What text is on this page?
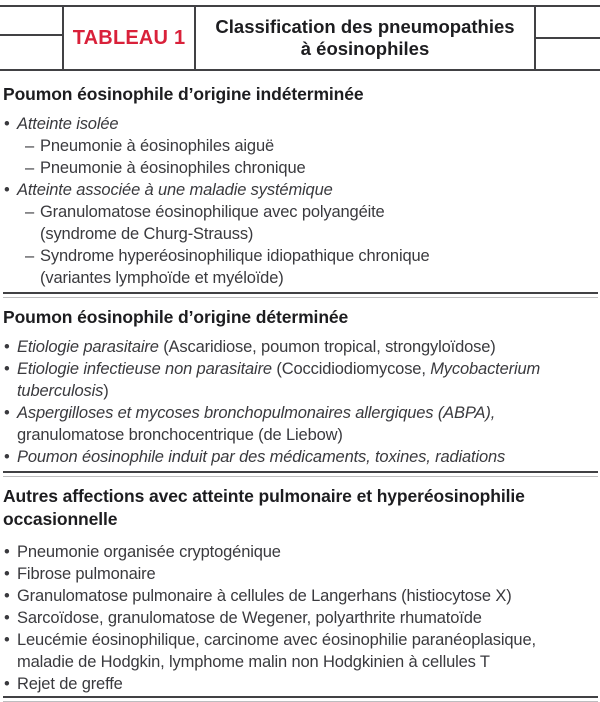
TABLEAU 1	Classification des pneumopathies
à éosinophiles
Poumon éosinophile d’origine indéterminée
• Atteinte isolée
– Pneumonie à éosinophiles aiguë
– Pneumonie à éosinophiles chronique
• Atteinte associée à une maladie systémique
– Granulomatose éosinophilique avec polyangéite
(syndrome de Churg-Strauss)
– Syndrome hyperéosinophilique idiopathique chronique
(variantes lymphoïde et myéloïde)
Poumon éosinophile d’origine déterminée
• Etiologie parasitaire (Ascaridiose, poumon tropical, strongyloïdose)
• Etiologie infectieuse non parasitaire (Coccidiodiomycose, Mycobacterium
tuberculosis)
• Aspergilloses et mycoses bronchopulmonaires allergiques (ABPA),
granulomatose bronchocentrique (de Liebow)
• Poumon éosinophile induit par des médicaments, toxines, radiations
Autres affections avec atteinte pulmonaire et hyperéosinophilie
occasionnelle
• Pneumonie organisée cryptogénique
• Fibrose pulmonaire
• Granulomatose pulmonaire à cellules de Langerhans (histiocytose X)
• Sarcoïdose, granulomatose de Wegener, polyarthrite rhumatoïde
• Leucémie éosinophilique, carcinome avec éosinophilie paranéoplasique,
maladie de Hodgkin, lymphome malin non Hodgkinien à cellules T
• Rejet de greffe
